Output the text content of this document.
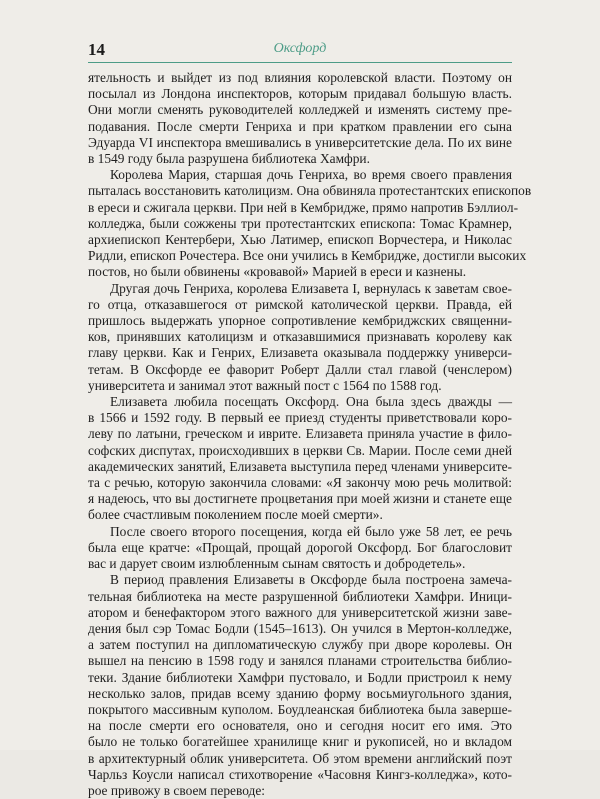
14	Оксфорд

ятельность и выйдет из под влияния королевской власти. Поэтому он
посылал из Лондона инспекторов, которым придавал большую власть.
Они могли сменять руководителей колледжей и изменять систему пре-
подавания. После смерти Генриха и при кратком правлении его сына
Эдуарда VI инспектора вмешивались в университетские дела. По их вине
в 1549 году была разрушена библиотека Хамфри.

Королева Мария, старшая дочь Генриха, во время своего правления
пыталась восстановить католицизм. Она обвиняла протестантских епископов
в ереси и сжигала церкви. При ней в Кембридже, прямо напротив Бэллиол-
колледжа, были сожжены три протестантских епископа: Томас Крамнер,
архиепископ Кентербери, Хью Латимер, епископ Ворчестера, и Николас
Ридли, епископ Рочестера. Все они учились в Кембридже, достигли высоких
постов, но были обвинены «кровавой» Марией в ереси и казнены.

Другая дочь Генриха, королева Елизавета I, вернулась к заветам свое-
го отца, отказавшегося от римской католической церкви. Правда, ей
пришлось выдержать упорное сопротивление кембриджских священни-
ков, принявших католицизм и отказавшимися признавать королеву как
главу церкви. Как и Генрих, Елизавета оказывала поддержку универси-
тетам. В Оксфорде ее фаворит Роберт Далли стал главой (ченслером)
университета и занимал этот важный пост с 1564 по 1588 год.

Елизавета любила посещать Оксфорд. Она была здесь дважды —
в 1566 и 1592 году. В первый ее приезд студенты приветствовали коро-
леву по латыни, греческом и иврите. Елизавета приняла участие в фило-
софских диспутах, происходивших в церкви Св. Марии. После семи дней
академических занятий, Елизавета выступила перед членами университе-
та с речью, которую закончила словами: «Я закончу мою речь молитвой:
я надеюсь, что вы достигнете процветания при моей жизни и станете еще
более счастливым поколением после моей смерти».

После своего второго посещения, когда ей было уже 58 лет, ее речь
была еще кратче: «Прощай, прощай дорогой Оксфорд. Бог благословит
вас и дарует своим излюбленным сынам святость и добродетель».

В период правления Елизаветы в Оксфорде была построена замеча-
тельная библиотека на месте разрушенной библиотеки Хамфри. Иници-
атором и бенефактором этого важного для университетской жизни заве-
дения был сэр Томас Бодли (1545–1613). Он учился в Мертон-колледже,
а затем поступил на дипломатическую службу при дворе королевы. Он
вышел на пенсию в 1598 году и занялся планами строительства библио-
теки. Здание библиотеки Хамфри пустовало, и Бодли пристроил к нему
несколько залов, придав всему зданию форму восьмиугольного здания,
покрытого массивным куполом. Боудлеанская библиотека была заверше-
на после смерти его основателя, оно и сегодня носит его имя. Это
было не только богатейшее хранилище книг и рукописей, но и вкладом
в архитектурный облик университета. Об этом времени английский поэт
Чарльз Коусли написал стихотворение «Часовня Кингз-колледжа», кото-
рое привожу в своем переводе:
